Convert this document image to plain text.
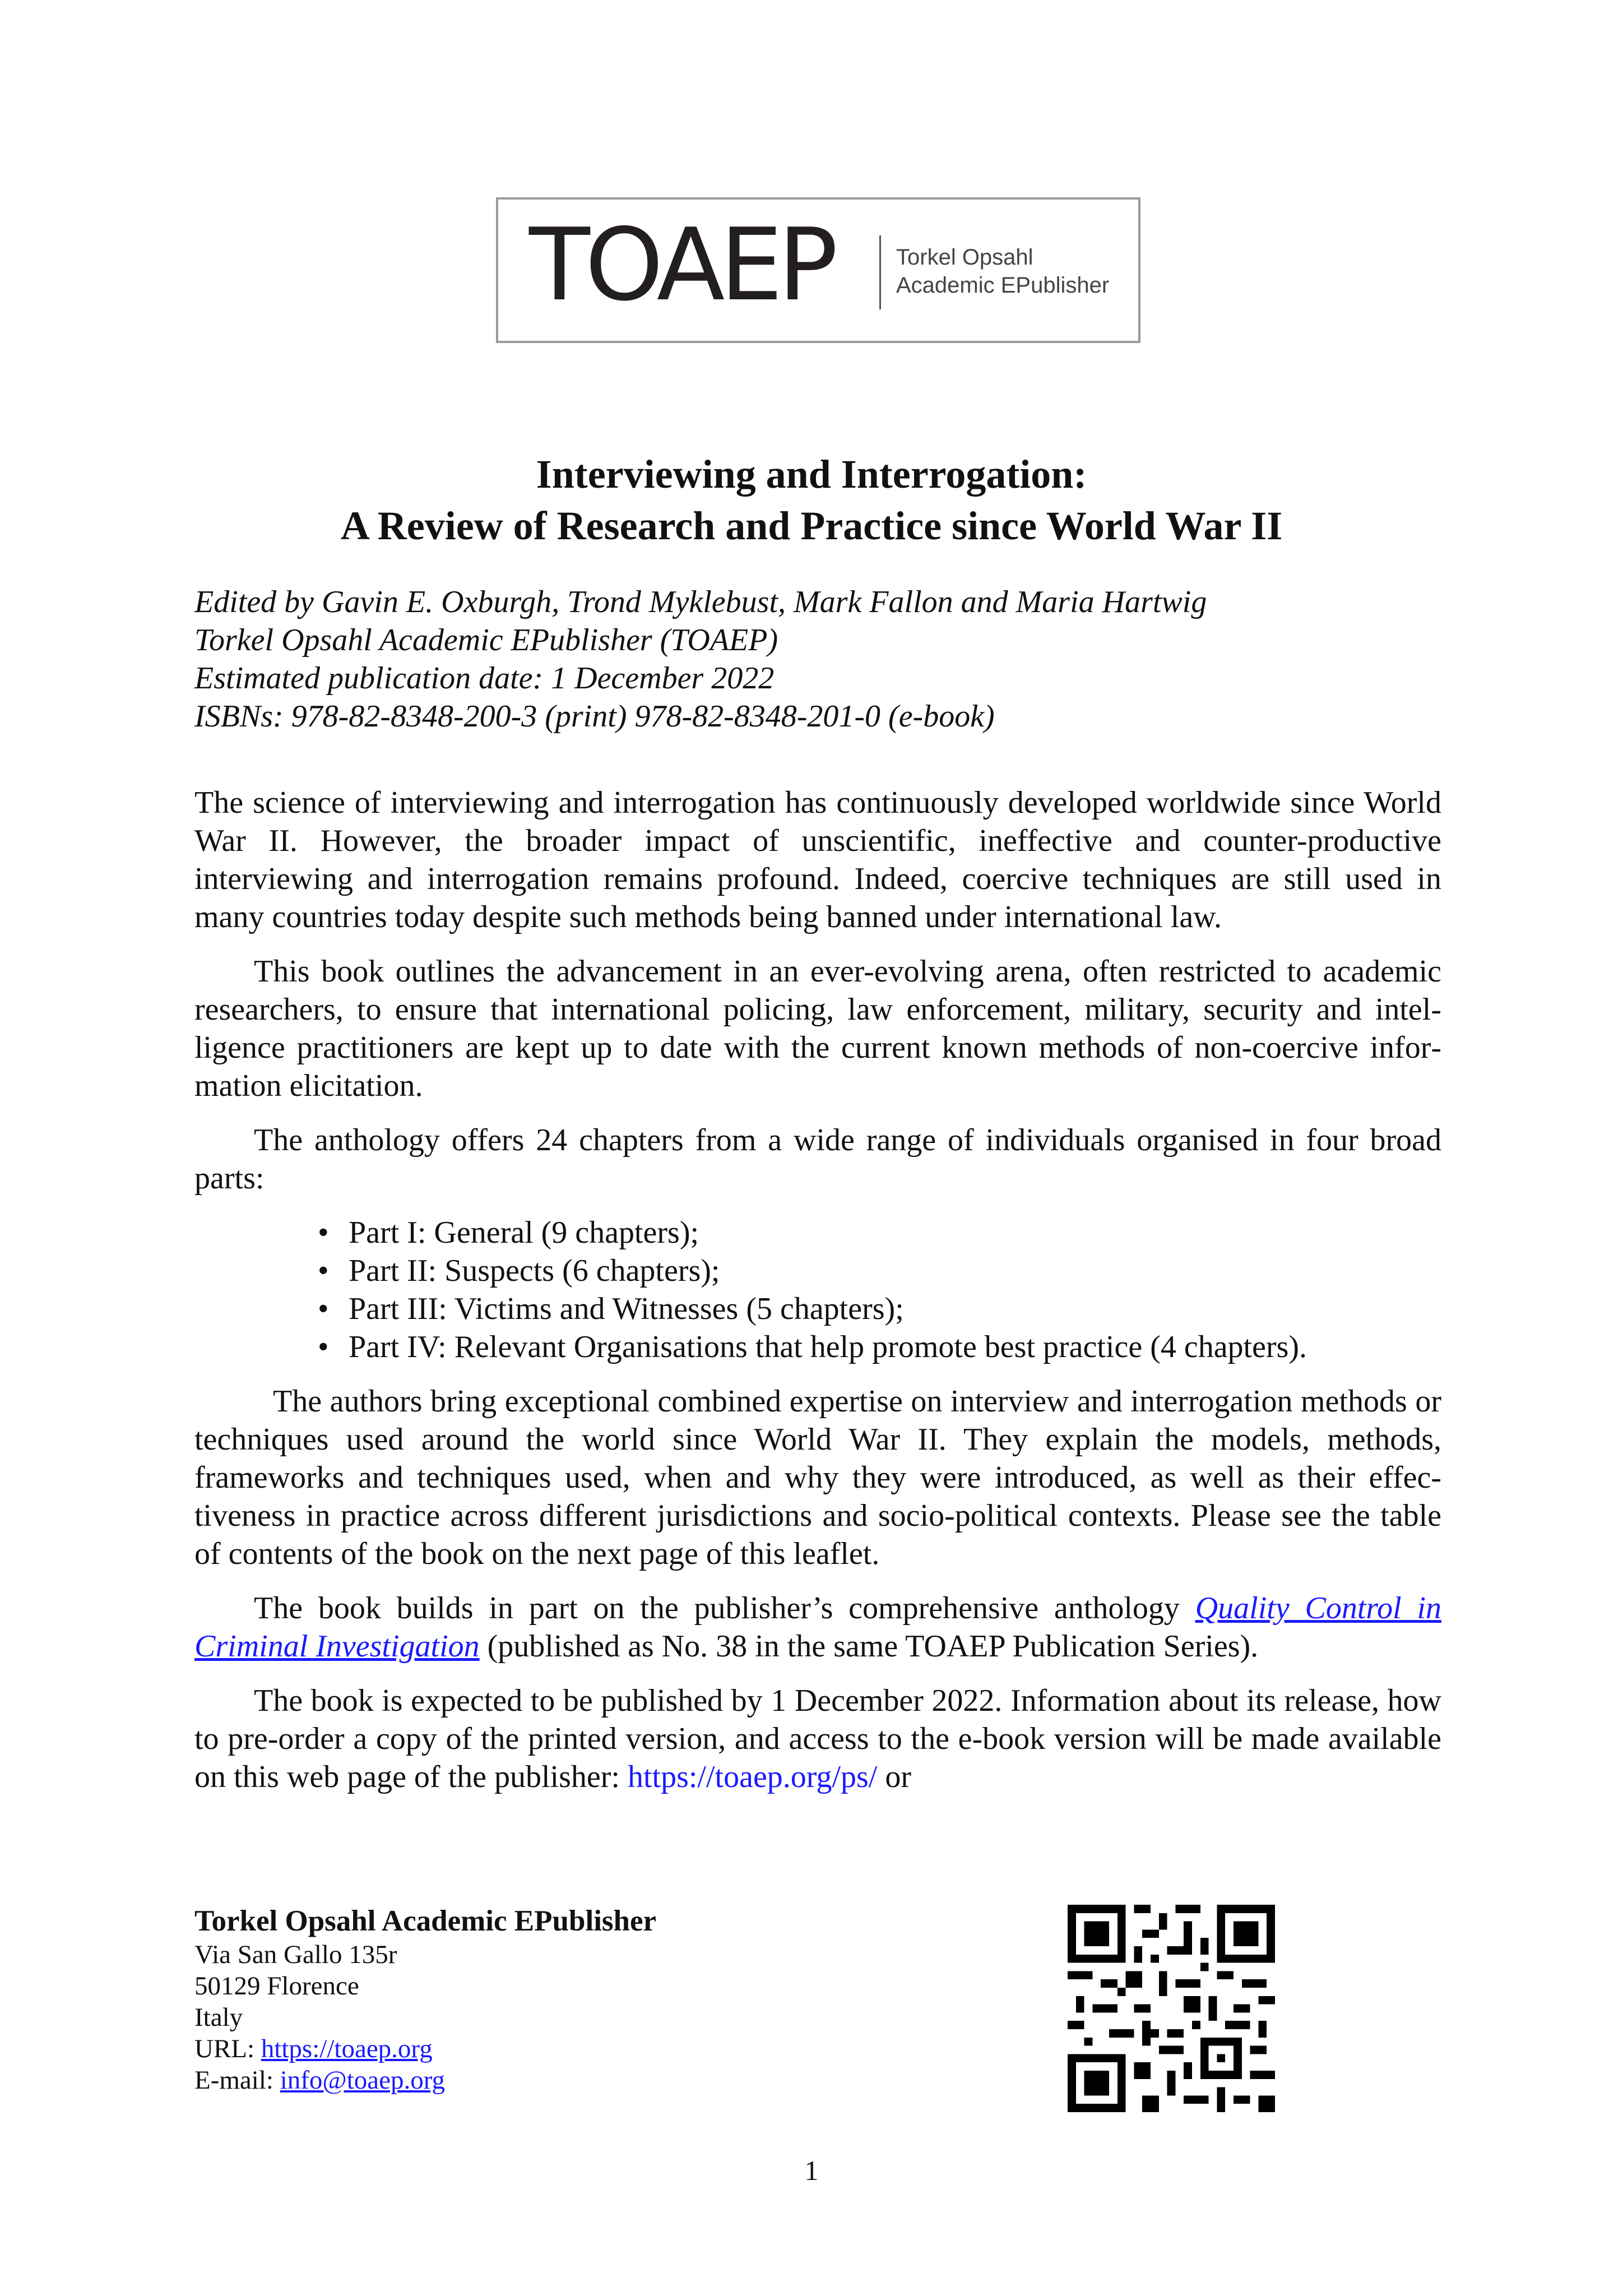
TOAEP	Torkel Opsahl
Academic EPublisher
Interviewing and Interrogation:
A Review of Research and Practice since World War II
Edited by Gavin E. Oxburgh, Trond Myklebust, Mark Fallon and Maria Hartwig
Torkel Opsahl Academic EPublisher (TOAEP)
Estimated publication date: 1 December 2022
ISBNs: 978-82-8348-200-3 (print) 978-82-8348-201-0 (e-book)

The science of interviewing and interrogation has continuously developed worldwide since World War II. However, the broader impact of unscientific, ineffective and counter-productive interviewing and interrogation remains profound. Indeed, coercive techniques are still used in many countries today despite such methods being banned under international law.

This book outlines the advancement in an ever-evolving arena, often restricted to academic researchers, to ensure that international policing, law enforcement, military, security and intelligence practitioners are kept up to date with the current known methods of non-coercive information elicitation.

The anthology offers 24 chapters from a wide range of individuals organised in four broad parts:

• Part I: General (9 chapters);
• Part II: Suspects (6 chapters);
• Part III: Victims and Witnesses (5 chapters);
• Part IV: Relevant Organisations that help promote best practice (4 chapters).

The authors bring exceptional combined expertise on interview and interrogation methods or techniques used around the world since World War II. They explain the models, methods, frameworks and techniques used, when and why they were introduced, as well as their effectiveness in practice across different jurisdictions and socio-political contexts. Please see the table of contents of the book on the next page of this leaflet.

The book builds in part on the publisher’s comprehensive anthology Quality Control in Criminal Investigation (published as No. 38 in the same TOAEP Publication Series).

The book is expected to be published by 1 December 2022. Information about its release, how to pre-order a copy of the printed version, and access to the e-book version will be made available on this web page of the publisher: https://toaep.org/ps/ or

Torkel Opsahl Academic EPublisher
Via San Gallo 135r
50129 Florence
Italy
URL: https://toaep.org
E-mail: info@toaep.org
1
